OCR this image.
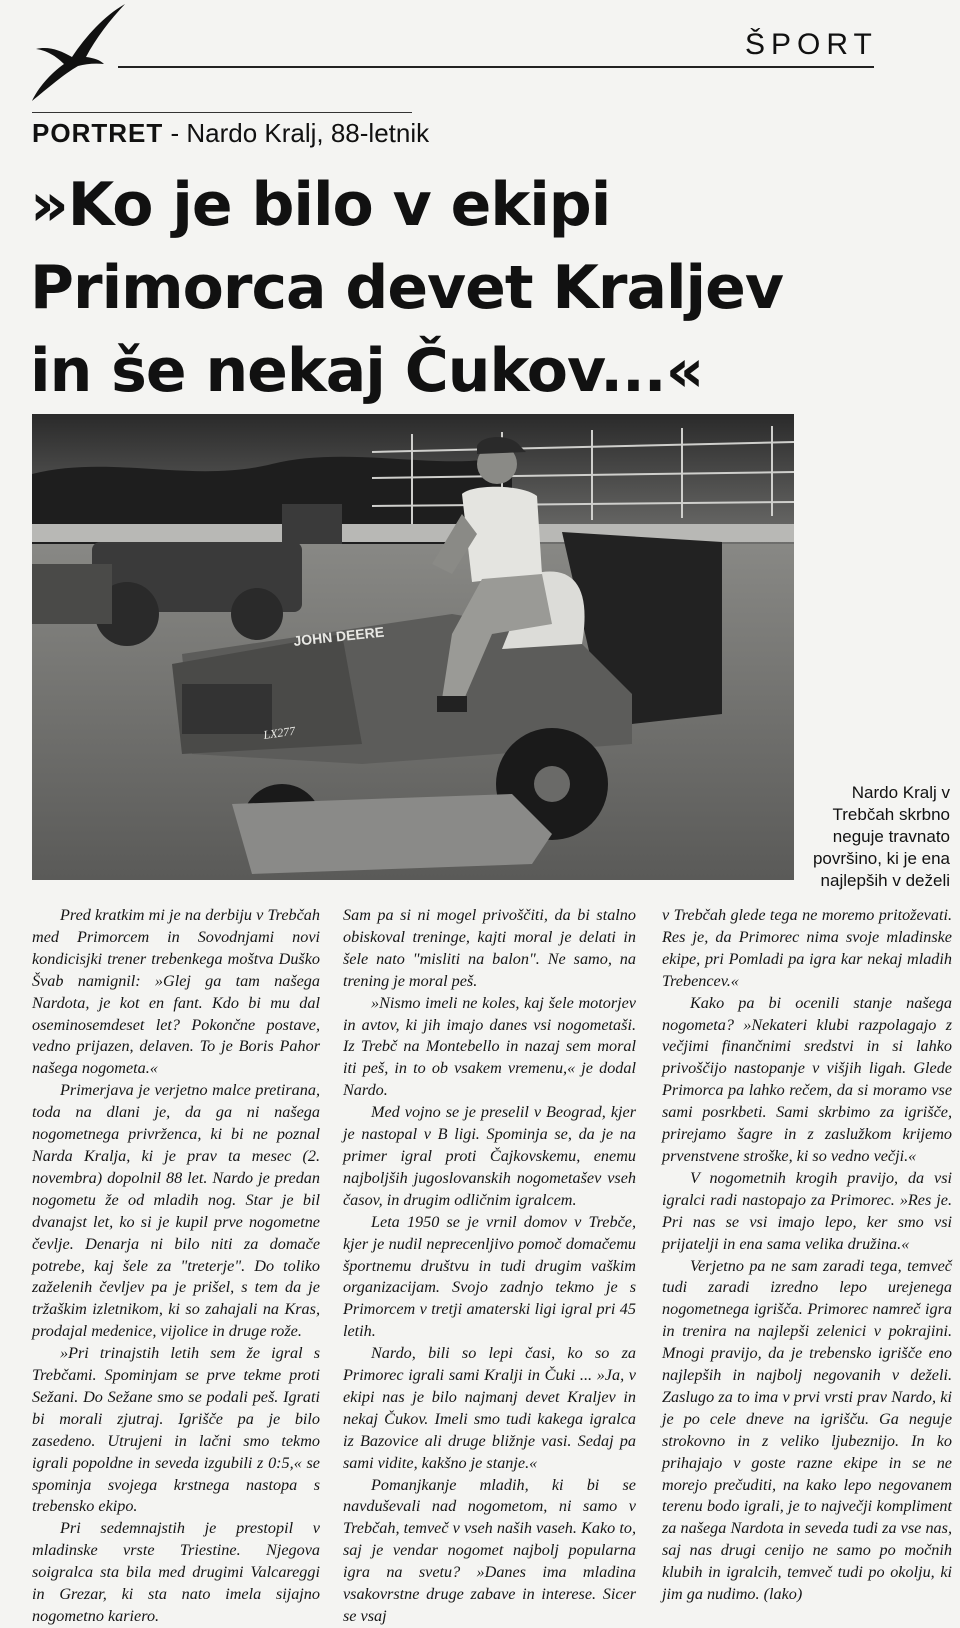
ŠPORT
PORTRET - Nardo Kralj, 88-letnik
»Ko je bilo v ekipi
Primorca devet Kraljev
in še nekaj Čukov...«
JOHN DEERE
LX277
Nardo Kralj v
Trebčah skrbno
neguje travnato
površino, ki je ena
najlepših v deželi

Pred kratkim mi je na derbiju v Trebčah med Primorcem in Sovodnjami novi kondicisjki trener trebenkega moštva Duško Švab namignil: »Glej ga tam našega Nardota, je kot en fant. Kdo bi mu dal oseminosemdeset let? Pokončne postave, vedno prijazen, delaven. To je Boris Pahor našega nogometa.«

Primerjava je verjetno malce pretirana, toda na dlani je, da ga ni našega nogometnega privrženca, ki bi ne poznal Narda Kralja, ki je prav ta mesec (2. novembra) dopolnil 88 let. Nardo je predan nogometu že od mladih nog. Star je bil dvanajst let, ko si je kupil prve nogometne čevlje. Denarja ni bilo niti za domače potrebe, kaj šele za "treterje". Do toliko zaželenih čevljev pa je prišel, s tem da je tržaškim izletnikom, ki so zahajali na Kras, prodajal medenice, vijolice in druge rože.

»Pri trinajstih letih sem že igral s Trebčami. Spominjam se prve tekme proti Sežani. Do Sežane smo se podali peš. Igrati bi morali zjutraj. Igrišče pa je bilo zasedeno. Utrujeni in lačni smo tekmo igrali popoldne in seveda izgubili z 0:5,« se spominja svojega krstnega nastopa s trebensko ekipo.

Pri sedemnajstih je prestopil v mladinske vrste Triestine. Njegova soigralca sta bila med drugimi Valcareggi in Grezar, ki sta nato imela sijajno nogometno kariero.

Sam pa si ni mogel privoščiti, da bi stalno obiskoval treninge, kajti moral je delati in šele nato "misliti na balon". Ne samo, na trening je moral peš.

»Nismo imeli ne koles, kaj šele motorjev in avtov, ki jih imajo danes vsi nogometaši. Iz Trebč na Montebello in nazaj sem moral iti peš, in to ob vsakem vremenu,« je dodal Nardo.

Med vojno se je preselil v Beograd, kjer je nastopal v B ligi. Spominja se, da je na primer igral proti Čajkovskemu, enemu najboljših jugoslovanskih nogometašev vseh časov, in drugim odličnim igralcem.

Leta 1950 se je vrnil domov v Trebče, kjer je nudil neprecenljivo pomoč domačemu športnemu društvu in tudi drugim vaškim organizacijam. Svojo zadnjo tekmo je s Primorcem v tretji amaterski ligi igral pri 45 letih.

Nardo, bili so lepi časi, ko so za Primorec igrali sami Kralji in Čuki ... »Ja, v ekipi nas je bilo najmanj devet Kraljev in nekaj Čukov. Imeli smo tudi kakega igralca iz Bazovice ali druge bližnje vasi. Sedaj pa sami vidite, kakšno je stanje.«

Pomanjkanje mladih, ki bi se navduševali nad nogometom, ni samo v Trebčah, temveč v vseh naših vaseh. Kako to, saj je vendar nogomet najbolj popularna igra na svetu? »Danes ima mladina vsakovrstne druge zabave in interese. Sicer se vsaj

v Trebčah glede tega ne moremo pritoževati. Res je, da Primorec nima svoje mladinske ekipe, pri Pomladi pa igra kar nekaj mladih Trebencev.«

Kako pa bi ocenili stanje našega nogometa? »Nekateri klubi razpolagajo z večjimi finančnimi sredstvi in si lahko privoščijo nastopanje v višjih ligah. Glede Primorca pa lahko rečem, da si moramo vse sami posrkbeti. Sami skrbimo za igrišče, prirejamo šagre in z zaslužkom krijemo prvenstvene stroške, ki so vedno večji.«

V nogometnih krogih pravijo, da vsi igralci radi nastopajo za Primorec. »Res je. Pri nas se vsi imajo lepo, ker smo vsi prijatelji in ena sama velika družina.«

Verjetno pa ne sam zaradi tega, temveč tudi zaradi izredno lepo urejenega nogometnega igrišča. Primorec namreč igra in trenira na najlepši zelenici v pokrajini. Mnogi pravijo, da je trebensko igrišče eno najlepših in najbolj negovanih v deželi. Zaslugo za to ima v prvi vrsti prav Nardo, ki je po cele dneve na igrišču. Ga neguje strokovno in z veliko ljubeznijo. In ko prihajajo v goste razne ekipe in se ne morejo prečuditi, na kako lepo negovanem terenu bodo igrali, je to največji kompliment za našega Nardota in seveda tudi za vse nas, saj nas drugi cenijo ne samo po močnih klubih in igralcih, temveč tudi po okolju, ki jim ga nudimo. (lako)
